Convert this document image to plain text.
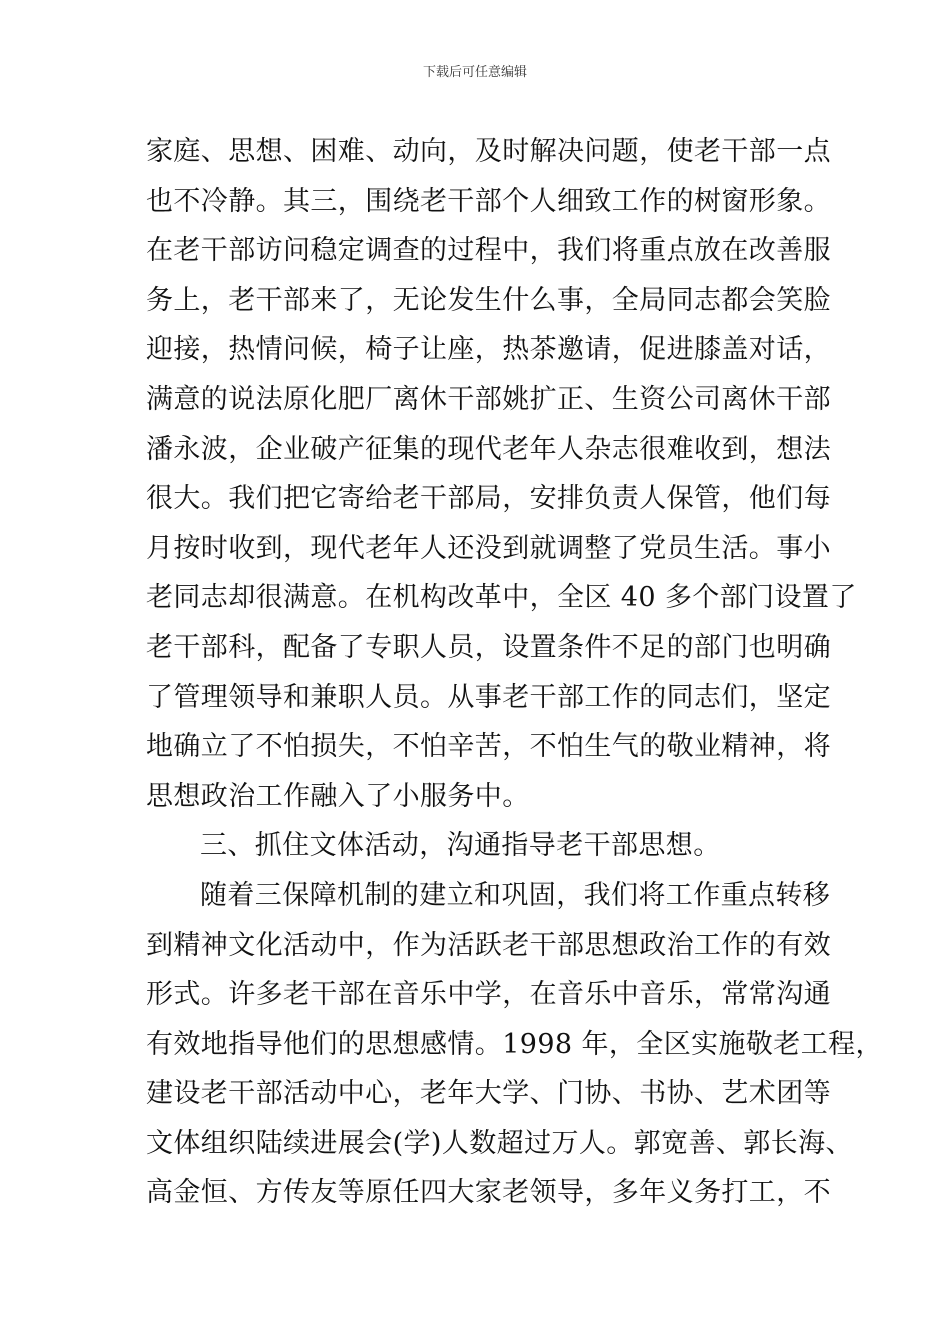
下载后可任意编辑
家庭、思想、困难、动向，及时解决问题，使老干部一点
也不冷静。其三，围绕老干部个人细致工作的树窗形象。
在老干部访问稳定调查的过程中，我们将重点放在改善服
务上，老干部来了，无论发生什么事，全局同志都会笑脸
迎接，热情问候，椅子让座，热茶邀请，促进膝盖对话，
满意的说法原化肥厂离休干部姚扩正、生资公司离休干部
潘永波，企业破产征集的现代老年人杂志很难收到，想法
很大。我们把它寄给老干部局，安排负责人保管，他们每
月按时收到，现代老年人还没到就调整了党员生活。事小
老同志却很满意。在机构改革中，全区 40 多个部门设置了
老干部科，配备了专职人员，设置条件不足的部门也明确
了管理领导和兼职人员。从事老干部工作的同志们，坚定
地确立了不怕损失，不怕辛苦，不怕生气的敬业精神，将
思想政治工作融入了小服务中。
三、抓住文体活动，沟通指导老干部思想。
随着三保障机制的建立和巩固，我们将工作重点转移
到精神文化活动中，作为活跃老干部思想政治工作的有效
形式。许多老干部在音乐中学，在音乐中音乐，常常沟通
有效地指导他们的思想感情。1998 年，全区实施敬老工程，
建设老干部活动中心，老年大学、门协、书协、艺术团等
文体组织陆续进展会(学)人数超过万人。郭宽善、郭长海、
高金恒、方传友等原任四大家老领导，多年义务打工，不
